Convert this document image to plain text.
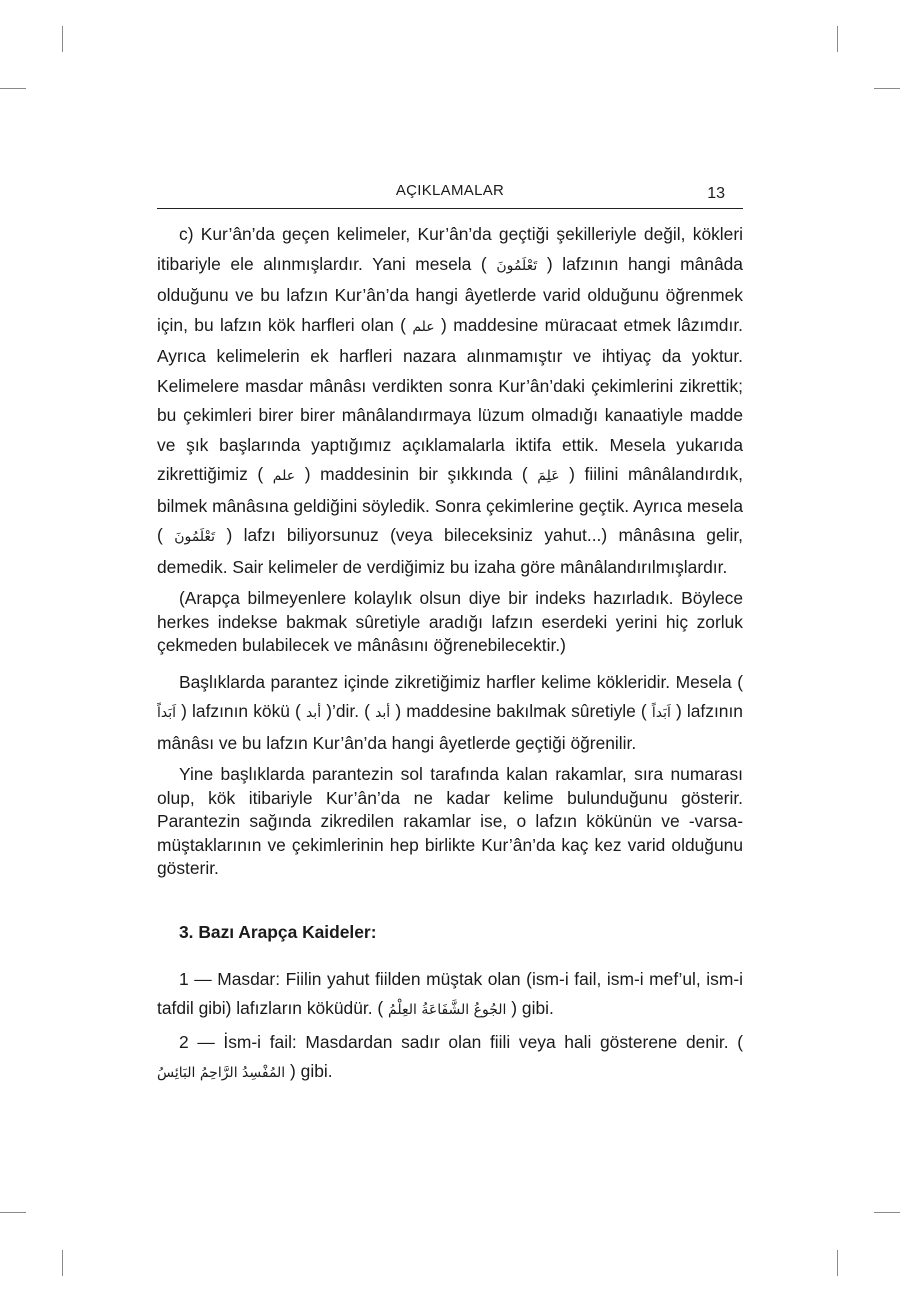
AÇIKLAMALAR	13

c) Kur’ân’da geçen kelimeler, Kur’ân’da geçtiği şekilleriyle değil, kökleri itibariyle ele alınmışlardır. Yani mesela ( تَعْلَمُونَ ) lafzının hangi mânâda olduğunu ve bu lafzın Kur’ân’da hangi âyetlerde varid olduğunu öğrenmek için, bu lafzın kök harfleri olan ( علم ) maddesine müracaat etmek lâzımdır. Ayrıca kelimelerin ek harfleri nazara alınmamıştır ve ihtiyaç da yoktur. Kelimelere masdar mânâsı verdikten sonra Kur’ân’daki çekimlerini zikrettik; bu çekimleri birer birer mânâlandırmaya lüzum olmadığı kanaatiyle madde ve şık başlarında yaptığımız açıklamalarla iktifa ettik. Mesela yukarıda zikrettiğimiz ( علم ) maddesinin bir şıkkında ( عَلِمَ ) fiilini mânâlandırdık, bilmek mânâsına geldiğini söyledik. Sonra çekimlerine geçtik. Ayrıca mesela ( تَعْلَمُونَ ) lafzı biliyorsunuz (veya bileceksiniz yahut...) mânâsına gelir, demedik. Sair kelimeler de verdiğimiz bu izaha göre mânâlandırılmışlardır.

(Arapça bilmeyenlere kolaylık olsun diye bir indeks hazırladık. Böylece herkes indekse bakmak sûretiyle aradığı lafzın eserdeki yerini hiç zorluk çekmeden bulabilecek ve mânâsını öğrenebilecektir.)

Başlıklarda parantez içinde zikretiğimiz harfler kelime kökleridir. Mesela ( اَبَداً ) lafzının kökü ( أبد )’dir. ( أبد ) maddesine bakılmak sûretiyle ( اَبَداً ) lafzının mânâsı ve bu lafzın Kur’ân’da hangi âyetlerde geçtiği öğrenilir.

Yine başlıklarda parantezin sol tarafında kalan rakamlar, sıra numarası olup, kök itibariyle Kur’ân’da ne kadar kelime bulunduğunu gösterir. Parantezin sağında zikredilen rakamlar ise, o lafzın kökünün ve -varsa- müştaklarının ve çekimlerinin hep birlikte Kur’ân’da kaç kez varid olduğunu gösterir.

3. Bazı Arapça Kaideler:

1 — Masdar: Fiilin yahut fiilden müştak olan (ism-i fail, ism-i mef’ul, ism-i tafdil gibi) lafızların köküdür. ( الجُوعُ الشَّفَاعَةُ العِلْمُ ) gibi.

2 — İsm-i fail: Masdardan sadır olan fiili veya hali gösterene denir. ( المُفْسِدُ الرَّاحِمُ البَائِسُ ) gibi.
